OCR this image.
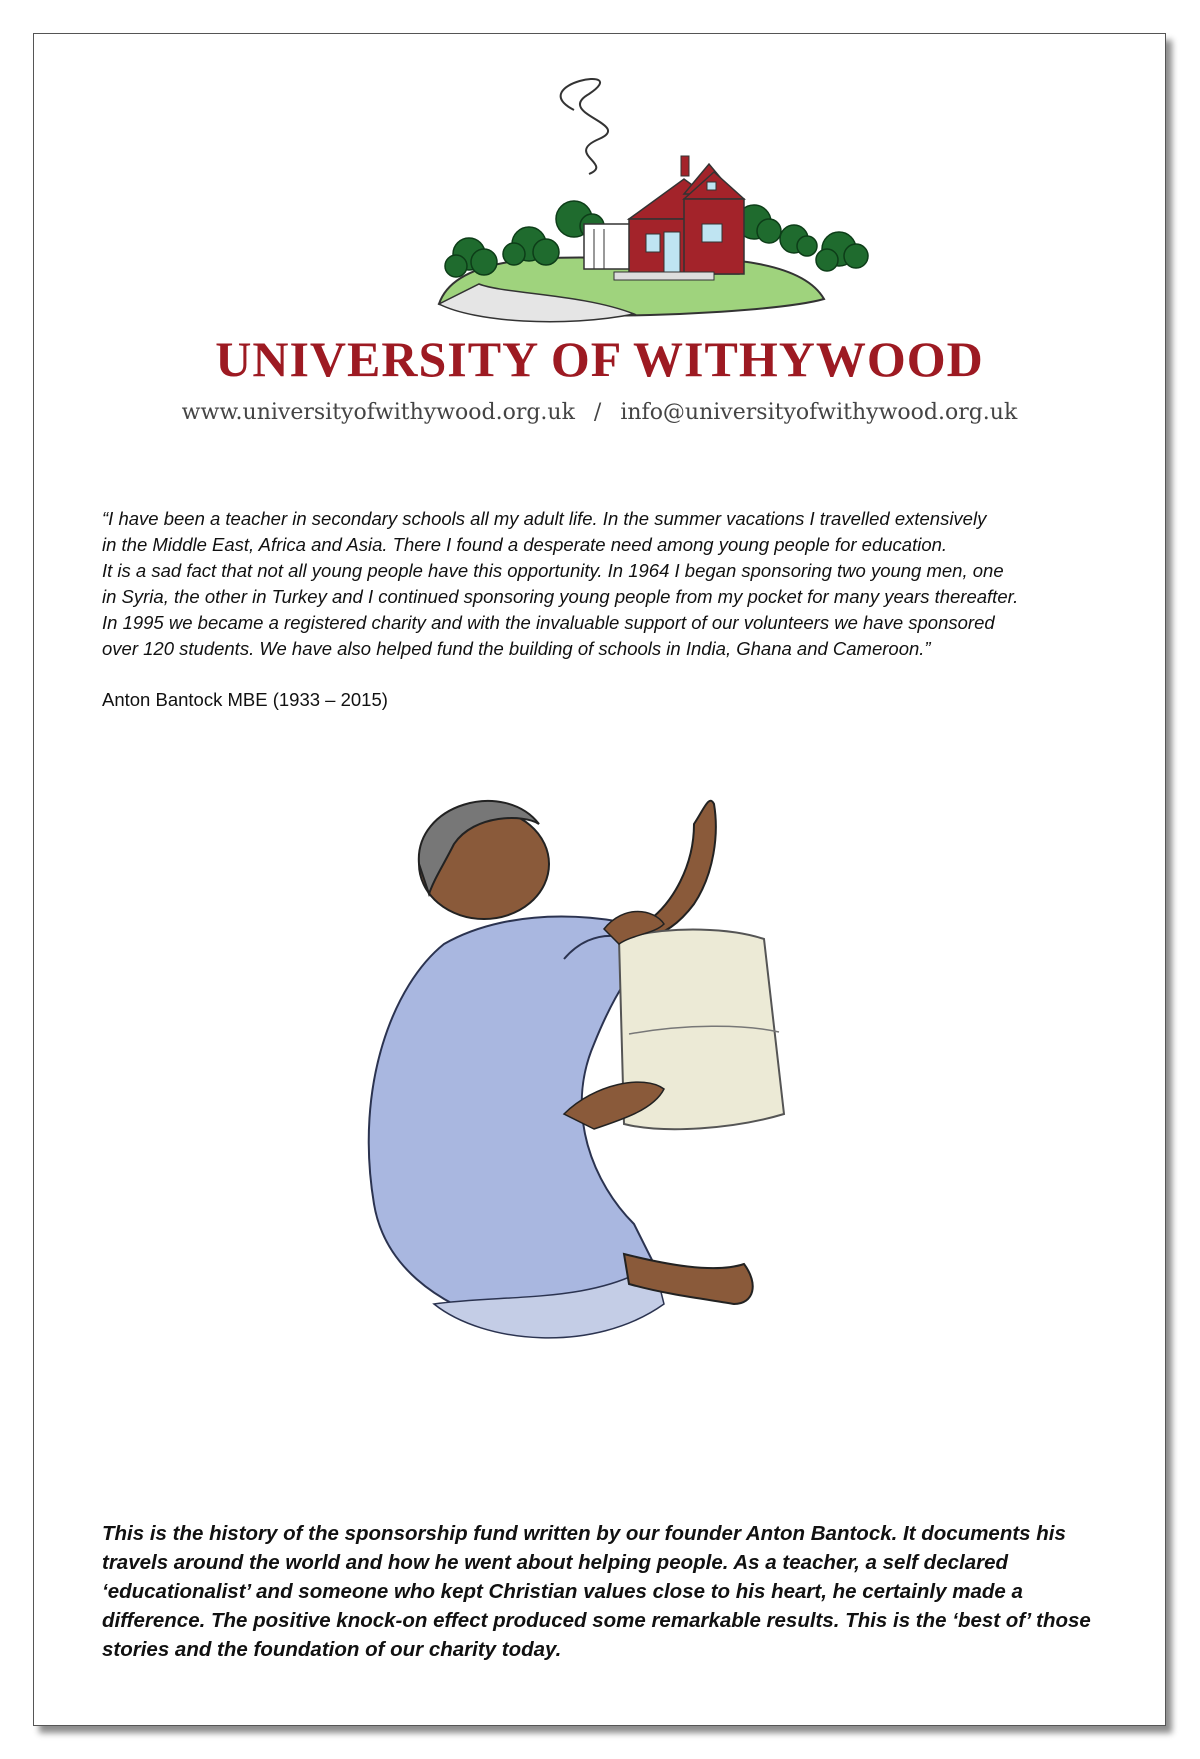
UNIVERSITY OF WITHYWOOD
www.universityofwithywood.org.uk / info@universityofwithywood.org.uk
“I have been a teacher in secondary schools all my adult life. In the summer vacations I travelled extensively
in the Middle East, Africa and Asia. There I found a desperate need among young people for education.
It is a sad fact that not all young people have this opportunity. In 1964 I began sponsoring two young men, one
in Syria, the other in Turkey and I continued sponsoring young people from my pocket for many years thereafter.
In 1995 we became a registered charity and with the invaluable support of our volunteers we have sponsored
over 120 students. We have also helped fund the building of schools in India, Ghana and Cameroon.”
Anton Bantock MBE (1933 – 2015)
This is the history of the sponsorship fund written by our founder Anton Bantock. It documents his
travels around the world and how he went about helping people. As a teacher, a self declared
‘educationalist’ and someone who kept Christian values close to his heart, he certainly made a
difference. The positive knock-on effect produced some remarkable results. This is the ‘best of’ those
stories and the foundation of our charity today.
